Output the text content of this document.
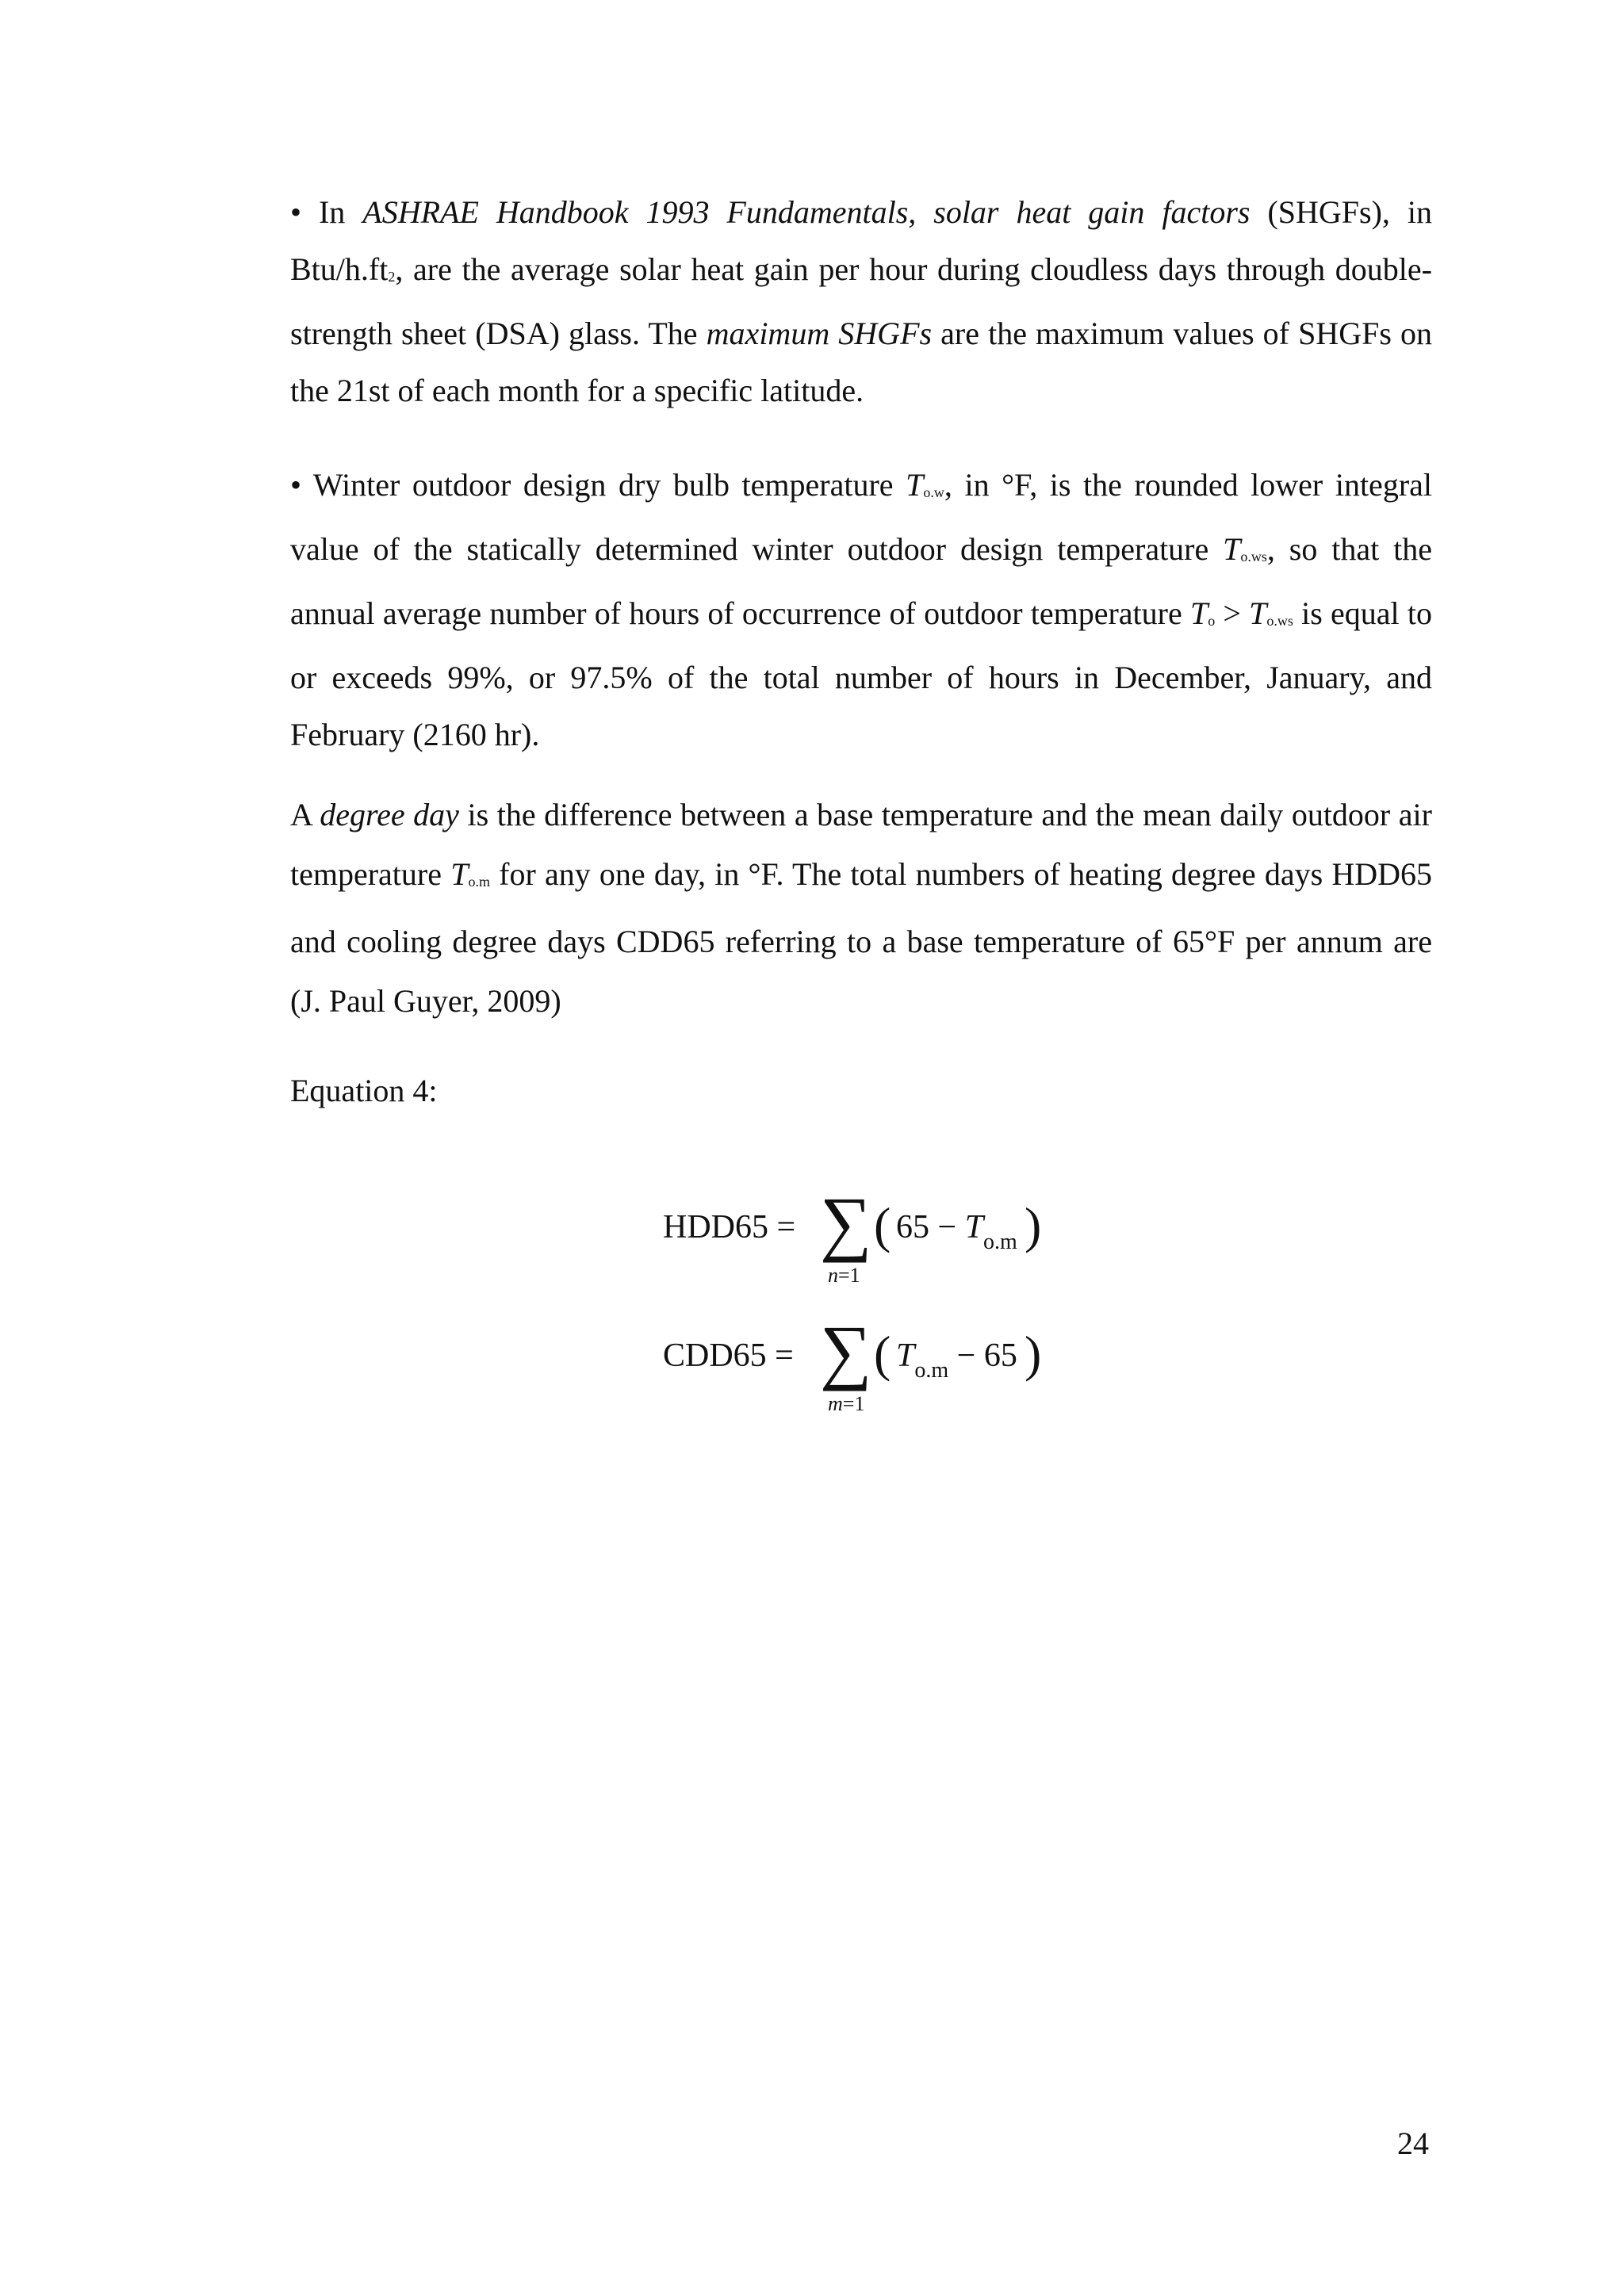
• In ASHRAE Handbook 1993 Fundamentals, solar heat gain factors (SHGFs), in Btu/h.ft2, are the average solar heat gain per hour during cloudless days through double-strength sheet (DSA) glass. The maximum SHGFs are the maximum values of SHGFs on the 21st of each month for a specific latitude.

• Winter outdoor design dry bulb temperature To.w, in °F, is the rounded lower integral value of the statically determined winter outdoor design temperature To.ws, so that the annual average number of hours of occurrence of outdoor temperature To > To.ws is equal to or exceeds 99%, or 97.5% of the total number of hours in December, January, and February (2160 hr).

A degree day is the difference between a base temperature and the mean daily outdoor air temperature To.m for any one day, in °F. The total numbers of heating degree days HDD65 and cooling degree days CDD65 referring to a base temperature of 65°F per annum are (J. Paul Guyer, 2009)

Equation 4:

HDD65 = ∑
n=1
( $65 - T_{o.m}$ )
CDD65 = ∑
m=1
( $T_{o.m} - 65$ )
24
